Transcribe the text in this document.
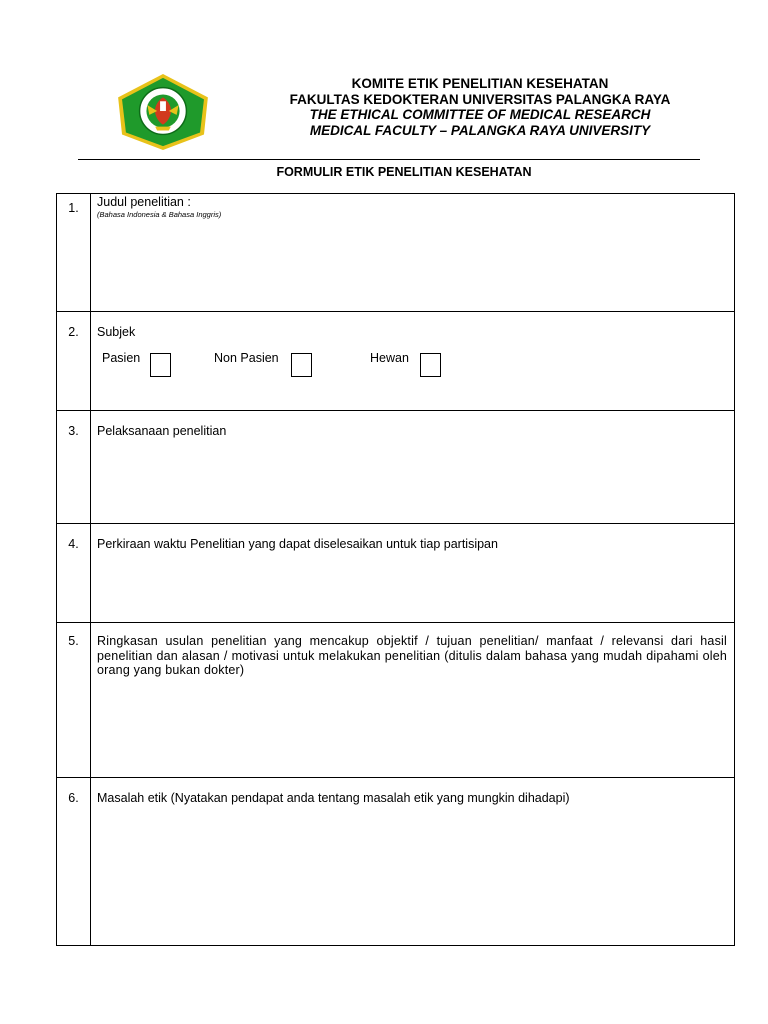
KOMITE ETIK PENELITIAN KESEHATAN
FAKULTAS KEDOKTERAN UNIVERSITAS PALANGKA RAYA
THE ETHICAL COMMITTEE OF MEDICAL RESEARCH
MEDICAL FACULTY – PALANGKA RAYA UNIVERSITY
FORMULIR ETIK PENELITIAN KESEHATAN
1.	Judul penelitian :
(Bahasa Indonesia & Bahasa Inggris)

2.	Subjek
Pasien Non Pasien Hewan

3.	Pelaksanaan penelitian

4.	Perkiraan waktu Penelitian yang dapat diselesaikan untuk tiap partisipan

5.	Ringkasan usulan penelitian yang mencakup objektif / tujuan penelitian/ manfaat / relevansi dari hasil penelitian dan alasan / motivasi untuk melakukan penelitian (ditulis dalam bahasa yang mudah dipahami oleh orang yang bukan dokter)

6.	Masalah etik (Nyatakan pendapat anda tentang masalah etik yang mungkin dihadapi)
